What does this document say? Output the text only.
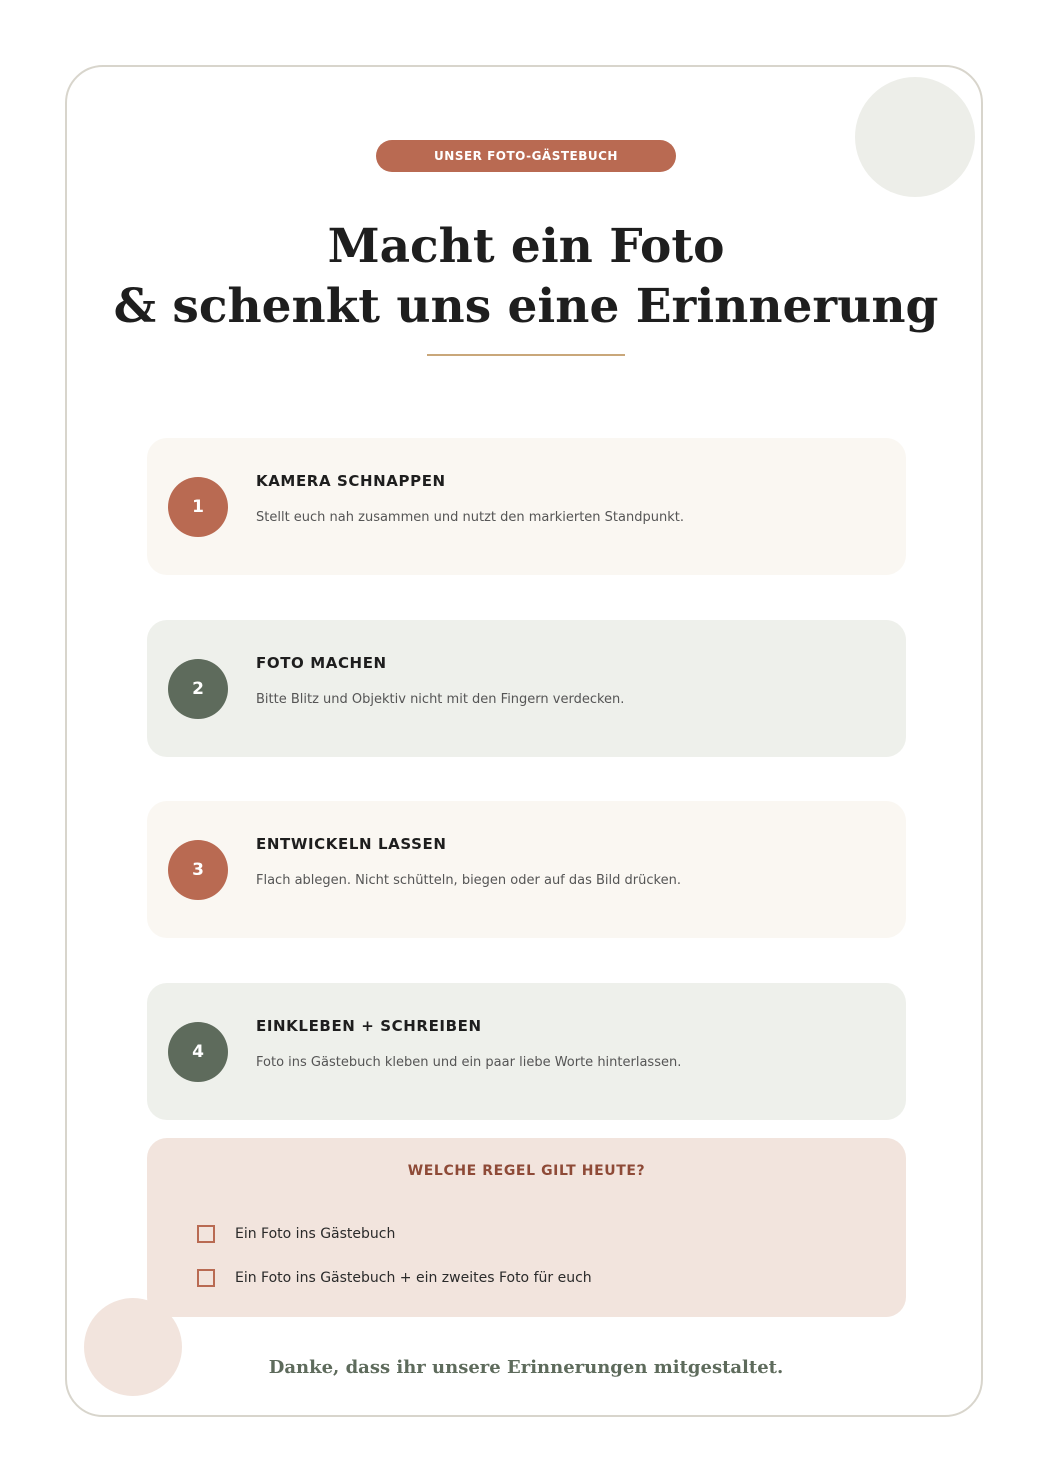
UNSER FOTO-GÄSTEBUCH
Macht ein Foto
& schenkt uns eine Erinnerung
1
KAMERA SCHNAPPEN
Stellt euch nah zusammen und nutzt den markierten Standpunkt.
2
FOTO MACHEN
Bitte Blitz und Objektiv nicht mit den Fingern verdecken.
3
ENTWICKELN LASSEN
Flach ablegen. Nicht schütteln, biegen oder auf das Bild drücken.
4
EINKLEBEN + SCHREIBEN
Foto ins Gästebuch kleben und ein paar liebe Worte hinterlassen.
WELCHE REGEL GILT HEUTE?
Ein Foto ins Gästebuch
Ein Foto ins Gästebuch + ein zweites Foto für euch
Danke, dass ihr unsere Erinnerungen mitgestaltet.
